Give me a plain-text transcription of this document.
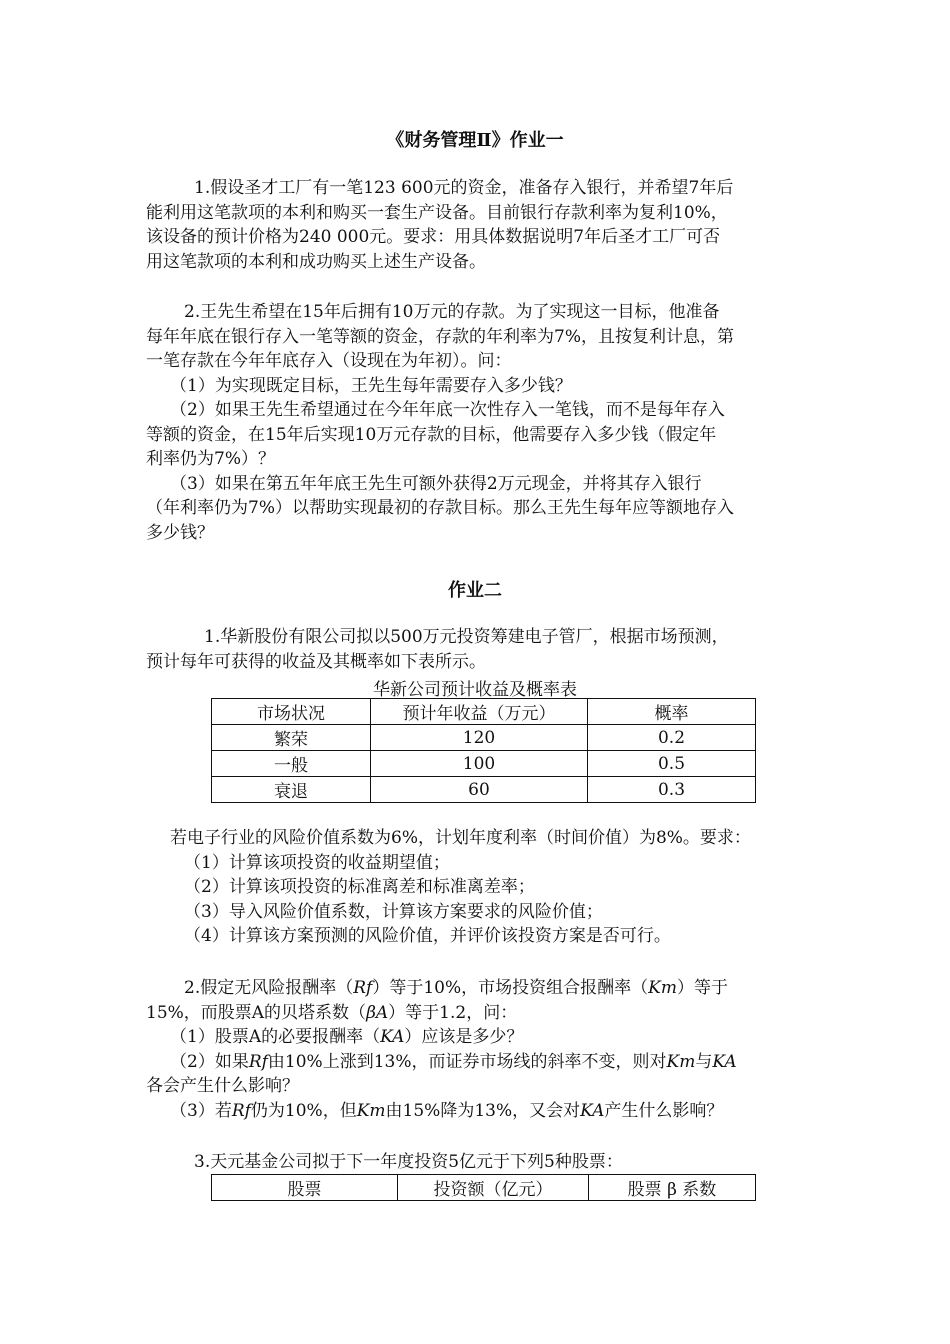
《财务管理Ⅱ》作业一
1.假设圣才工厂有一笔123 600元的资金，准备存入银行，并希望7年后
能利用这笔款项的本利和购买一套生产设备。目前银行存款利率为复利10%，
该设备的预计价格为240 000元。要求：用具体数据说明7年后圣才工厂可否
用这笔款项的本利和成功购买上述生产设备。
2.王先生希望在15年后拥有10万元的存款。为了实现这一目标，他准备
每年年底在银行存入一笔等额的资金，存款的年利率为7%，且按复利计息，第
一笔存款在今年年底存入（设现在为年初）。问：
（1）为实现既定目标，王先生每年需要存入多少钱？
（2）如果王先生希望通过在今年年底一次性存入一笔钱，而不是每年存入
等额的资金，在15年后实现10万元存款的目标，他需要存入多少钱（假定年
利率仍为7%）？
（3）如果在第五年年底王先生可额外获得2万元现金，并将其存入银行
（年利率仍为7%）以帮助实现最初的存款目标。那么王先生每年应等额地存入
多少钱？
作业二
1.华新股份有限公司拟以500万元投资筹建电子管厂，根据市场预测，
预计每年可获得的收益及其概率如下表所示。
华新公司预计收益及概率表
市场状况	预计年收益（万元）	概率
繁荣	120	0.2
一般	100	0.5
衰退	60	0.3
若电子行业的风险价值系数为6%，计划年度利率（时间价值）为8%。要求：
（1）计算该项投资的收益期望值；
（2）计算该项投资的标准离差和标准离差率；
（3）导入风险价值系数，计算该方案要求的风险价值；
（4）计算该方案预测的风险价值，并评价该投资方案是否可行。
2.假定无风险报酬率（Rf）等于10%，市场投资组合报酬率（Km）等于
15%，而股票A的贝塔系数（βA）等于1.2，问：
（1）股票A的必要报酬率（KA）应该是多少？
（2）如果Rf由10%上涨到13%，而证券市场线的斜率不变，则对Km与KA
各会产生什么影响？
（3）若Rf仍为10%，但Km由15%降为13%，又会对KA产生什么影响？
3.天元基金公司拟于下一年度投资5亿元于下列5种股票：
股票	投资额（亿元）	股票 β 系数
